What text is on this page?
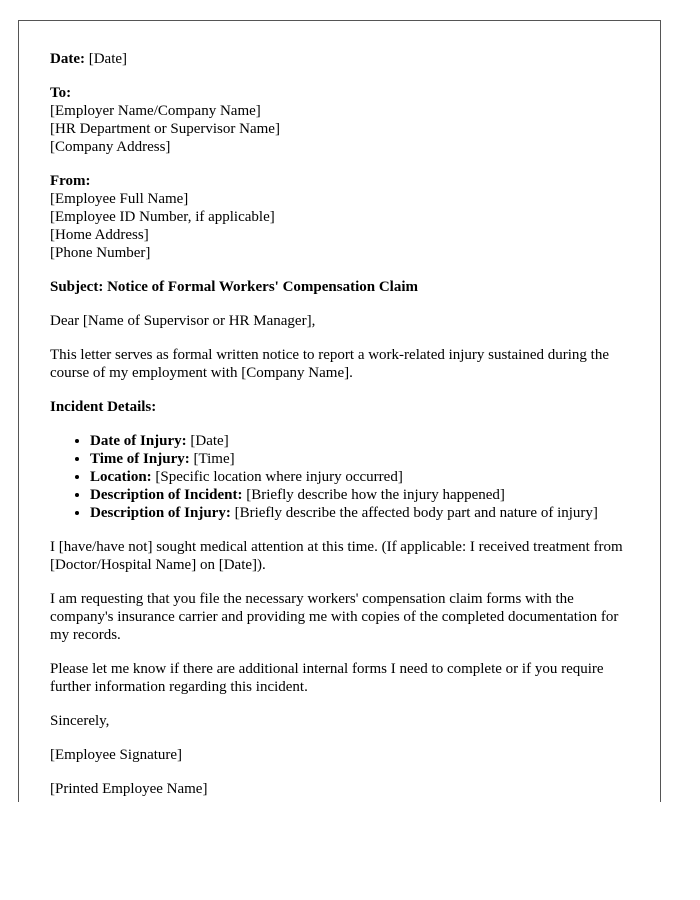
Date: [Date]

To:

[Employer Name/Company Name]

[HR Department or Supervisor Name]

[Company Address]

From:

[Employee Full Name]

[Employee ID Number, if applicable]

[Home Address]

[Phone Number]

Subject: Notice of Formal Workers' Compensation Claim

Dear [Name of Supervisor or HR Manager],

This letter serves as formal written notice to report a work-related injury sustained during the course of my employment with [Company Name].

Incident Details:

• Date of Injury: [Date]
• Time of Injury: [Time]
• Location: [Specific location where injury occurred]
• Description of Incident: [Briefly describe how the injury happened]
• Description of Injury: [Briefly describe the affected body part and nature of injury]

I [have/have not] sought medical attention at this time. (If applicable: I received treatment from [Doctor/Hospital Name] on [Date]).

I am requesting that you file the necessary workers' compensation claim forms with the company's insurance carrier and providing me with copies of the completed documentation for my records.

Please let me know if there are additional internal forms I need to complete or if you require further information regarding this incident.

Sincerely,

[Employee Signature]

[Printed Employee Name]
